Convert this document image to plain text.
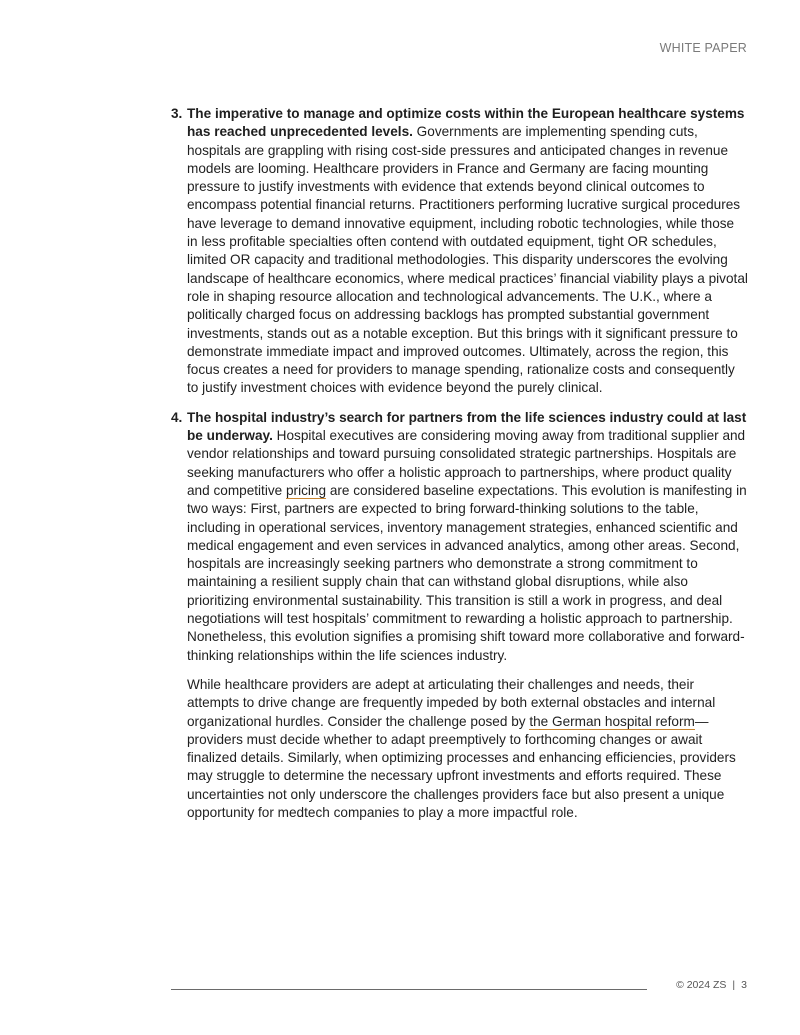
WHITE PAPER
3. The imperative to manage and optimize costs within the European healthcare systems has reached unprecedented levels. Governments are implementing spending cuts, hospitals are grappling with rising cost-side pressures and anticipated changes in revenue models are looming. Healthcare providers in France and Germany are facing mounting pressure to justify investments with evidence that extends beyond clinical outcomes to encompass potential financial returns. Practitioners performing lucrative surgical procedures have leverage to demand innovative equipment, including robotic technologies, while those in less profitable specialties often contend with outdated equipment, tight OR schedules, limited OR capacity and traditional methodologies. This disparity underscores the evolving landscape of healthcare economics, where medical practices’ financial viability plays a pivotal role in shaping resource allocation and technological advancements. The U.K., where a politically charged focus on addressing backlogs has prompted substantial government investments, stands out as a notable exception. But this brings with it significant pressure to demonstrate immediate impact and improved outcomes. Ultimately, across the region, this focus creates a need for providers to manage spending, rationalize costs and consequently to justify investment choices with evidence beyond the purely clinical.
4. The hospital industry’s search for partners from the life sciences industry could at last be underway. Hospital executives are considering moving away from traditional supplier and vendor relationships and toward pursuing consolidated strategic partnerships. Hospitals are seeking manufacturers who offer a holistic approach to partnerships, where product quality and competitive pricing are considered baseline expectations. This evolution is manifesting in two ways: First, partners are expected to bring forward-thinking solutions to the table, including in operational services, inventory management strategies, enhanced scientific and medical engagement and even services in advanced analytics, among other areas. Second, hospitals are increasingly seeking partners who demonstrate a strong commitment to maintaining a resilient supply chain that can withstand global disruptions, while also prioritizing environmental sustainability. This transition is still a work in progress, and deal negotiations will test hospitals’ commitment to rewarding a holistic approach to partnership. Nonetheless, this evolution signifies a promising shift toward more collaborative and forward-thinking relationships within the life sciences industry.

While healthcare providers are adept at articulating their challenges and needs, their attempts to drive change are frequently impeded by both external obstacles and internal organizational hurdles. Consider the challenge posed by the German hospital reform— providers must decide whether to adapt preemptively to forthcoming changes or await finalized details. Similarly, when optimizing processes and enhancing efficiencies, providers may struggle to determine the necessary upfront investments and efforts required. These uncertainties not only underscore the challenges providers face but also present a unique opportunity for medtech companies to play a more impactful role.

© 2024 ZS | 3
